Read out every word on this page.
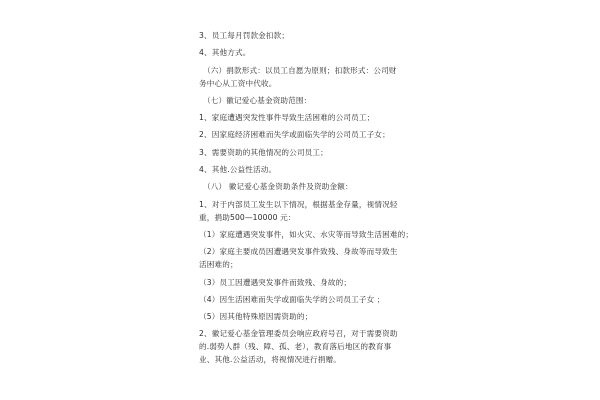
3、员工每月罚款金扣款；
4、其他方式。
（六）捐款形式：以员工自愿为原则；扣款形式：公司财
务中心从工资中代收。
（七）徽记爱心基金资助范围：
1、家庭遭遇突发性事件导致生活困难的公司员工；
2、因家庭经济困难而失学或面临失学的公司员工子女；
3、需要资助的其他情况的公司员工；
4、其他.公益性活动。
（八） 徽记爱心基金资助条件及资助金额：
1、对于内部员工发生以下情况，根据基金存量，视情况轻
重，捐助500—10000 元：
（1）家庭遭遇突发事件，如火灾、水灾等而导致生活困难的；
（2）家庭主要成员因遭遇突发事件致残、身故等而导致生
活困难的；
（3）员工因遭遇突发事件而致残、身故的；
（4）因生活困难而失学或面临失学的公司员工子女 ；
（5）因其他特殊原因需资助的；
2、徽记爱心基金管理委员会响应政府号召，对于需要资助
的.弱势人群（残、障、孤、老），教育落后地区的教育事
业、其他.公益活动，将视情况进行捐赠。
